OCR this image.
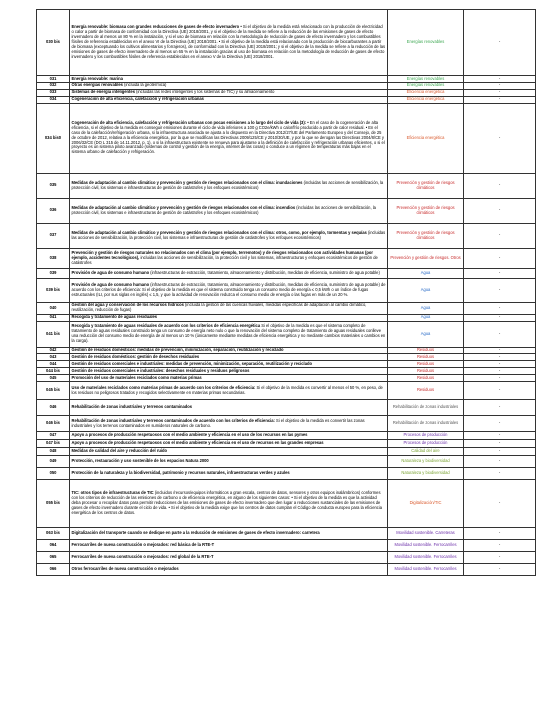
030 bis	Energía renovable: biomasa con grandes reducciones de gases de efecto invernadero • Si el objetivo de la medida está relacionado con la producción de electricidad o calor a partir de biomasa de conformidad con la Directiva (UE) 2018/2001, y si el objetivo de la medida se refiere a la reducción de las emisiones de gases de efecto invernadero de al menos un 80 % en la instalación, y si el uso de biomasa en relación con la metodología de reducción de gases de efecto invernadero y los combustibles fósiles de referencia establecidos en el anexo VI de la Directiva (UE) 2018/2001. • Si el objetivo de la medida está relacionado con la producción de biocarburantes a partir de biomasa (exceptuando los cultivos alimentarios y forrajeros), de conformidad con la Directiva (UE) 2018/2001; y si el objetivo de la medida se refiere a la reducción de las emisiones de gases de efecto invernadero de al menos un 65 % en la instalación gracias al uso de biomasa en relación con la metodología de reducción de gases de efecto invernadero y los combustibles fósiles de referencia establecidos en el anexo V de la Directiva (UE) 2018/2001.	Energías renovables	-
031	Energía renovable: marina	Energías renovables	-
032	Otras energías renovables (incluida la geotérmica)	Energías renovables	-
033	Sistemas de energía inteligentes (incluidas las redes inteligentes y los sistemas de TIC) y su almacenamiento	Eficiencia energética	-
034	Cogeneración de alta eficiencia, calefacción y refrigeración urbanas	Eficiencia energética	-
034 bis0	Cogeneración de alta eficiencia, calefacción y refrigeración urbanas con pocas emisiones a lo largo del ciclo de vida (3): • En el caso de la cogeneración de alta eficiencia, si el objetivo de la medida es conseguir emisiones durante el ciclo de vida inferiores a 100 g CO2e/kWh o calor/frío producido a partir de calor residual. • En el caso de la calefacción/refrigeración urbana, si la infraestructura asociada se ajusta a lo dispuesto en la Directiva 2012/27/UE del Parlamento Europeo y del Consejo, de 25 de octubre de 2012, relativa a la eficiencia energética, por la que se modifican las Directivas 2009/125/CE y 2010/30/UE, y por la que se derogan las Directivas 2004/8/CE y 2006/32/CE (DO L 315 de 14.11.2012, p. 1), o si la infraestructura existente se renueva para ajustarse a la definición de calefacción y refrigeración urbanas eficientes, o si el proyecto es un sistema piloto avanzado (sistemas de control y gestión de la energía, internet de las cosas) o conduce a un régimen de temperaturas más bajas en el sistema urbano de calefacción y refrigeración.	Eficiencia energética	-
035	Medidas de adaptación al cambio climático y prevención y gestión de riesgos relacionados con el clima: inundaciones (incluidas las acciones de sensibilización, la protección civil, los sistemas e infraestructuras de gestión de catástrofes y los enfoques ecosistémicos)	Prevención y gestión de riesgos climáticos	-
036	Medidas de adaptación al cambio climático y prevención y gestión de riesgos relacionados con el clima: incendios (incluidas las acciones de sensibilización, la protección civil, los sistemas e infraestructuras de gestión de catástrofes y los enfoques ecosistémicos)	Prevención y gestión de riesgos climáticos	-
037	Medidas de adaptación al cambio climático y prevención y gestión de riesgos relacionados con el clima: otros, como, por ejemplo, tormentas y sequías (incluidas las acciones de sensibilización, la protección civil, los sistemas e infraestructuras de gestión de catástrofes y los enfoques ecosistémicos)	Prevención y gestión de riesgos climáticos	-
038	Prevención y gestión de riesgos naturales no relacionados con el clima (por ejemplo, terremotos) y de riesgos relacionados con actividades humanas (por ejemplo, accidentes tecnológicos), incluidas las acciones de sensibilización, la protección civil y los sistemas, infraestructuras y enfoques ecosistémicos de gestión de catástrofes	Prevención y gestión de riesgos. Otros	-
039	Provisión de agua de consumo humano (infraestructuras de extracción, tratamiento, almacenamiento y distribución, medidas de eficiencia, suministro de agua potable)	Agua	-
039 bis	Provisión de agua de consumo humano (infraestructuras de extracción, tratamiento, almacenamiento y distribución, medidas de eficiencia, suministro de agua potable) de acuerdo con los criterios de eficiencia: Si el objetivo de la medida es que el sistema construido tenga un consumo medio de energía ≤ 0,5 kWh o un índice de fugas estructurales (ILI, por sus siglas en inglés) ≤ 1,5, y que la actividad de renovación reduzca el consumo medio de energía o las fugas en más de un 20 %.	Agua	-
040	Gestión del agua y conservación de los recursos hídricos (incluida la gestión de las cuencas fluviales, medidas específicas de adaptación al cambio climático, reutilización, reducción de fugas)	Agua	-
041	Recogida y tratamiento de aguas residuales	Agua	-
041 bis	Recogida y tratamiento de aguas residuales de acuerdo con los criterios de eficiencia energética Si el objetivo de la medida es que el sistema completo de tratamiento de aguas residuales construido tenga un consumo de energía neto nulo o que la renovación del sistema completo de tratamiento de aguas residuales conlleve una reducción del consumo medio de energía de al menos un 10 % (únicamente mediante medidas de eficiencia energética y no mediante cambios materiales o cambios en la carga).	Agua	-
042	Gestión de residuos domésticos: medidas de prevención, minimización, separación, reutilización y reciclado	Residuos	-
043	Gestión de residuos domésticos: gestión de desechos residuales	Residuos	-
044	Gestión de residuos comerciales e industriales: medidas de prevención, minimización, separación, reutilización y reciclado	Residuos	-
044 bis	Gestión de residuos comerciales e industriales: desechos residuales y residuos peligrosos	Residuos	-
045	Promoción del uso de materiales reciclados como materias primas	Residuos	-
045 bis	Uso de materiales reciclados como materias primas de acuerdo con los criterios de eficiencia: Si el objetivo de la medida es convertir al menos el 50 %, en peso, de los residuos no peligrosos tratados y recogidos selectivamente en materias primas secundarias.	Residuos	-
046	Rehabilitación de zonas industriales y terrenos contaminados	Rehabilitación de zonas industriales	-
046 bis	Rehabilitación de zonas industriales y terrenos contaminados de acuerdo con los criterios de eficiencia: Si el objetivo de la medida es convertir las zonas industriales y los terrenos contaminados en sumideros naturales de carbono.	Rehabilitación de zonas industriales	-
047	Apoyo a procesos de producción respetuosos con el medio ambiente y eficiencia en el uso de los recursos en las pymes	Procesos de producción	-
047 bis	Apoyo a procesos de producción respetuosos con el medio ambiente y eficiencia en el uso de recursos en las grandes empresas	Procesos de producción	-
048	Medidas de calidad del aire y reducción del ruido	Calidad del aire	-
049	Protección, restauración y uso sostenible de los espacios Natura 2000	Naturaleza y biodiversidad	-
050	Protección de la naturaleza y la biodiversidad, patrimonio y recursos naturales, infraestructuras verdes y azules	Naturaleza y biodiversidad	-
055 bis	TIC: otros tipos de infraestructuras de TIC (incluidos /recursos/equipos informáticos a gran escala, centros de datos, sensores y otros equipos inalámbricos) conformes con los criterios de reducción de las emisiones de carbono o de eficiencia energética, en alguno de los siguientes casos: • Si el objetivo de la medida es que la actividad deba procesar o recopilar datos para permitir reducciones de las emisiones de gases de efecto invernadero que den lugar a reducciones sustanciales de las emisiones de gases de efecto invernadero durante el ciclo de vida. • Si el objetivo de la medida exige que los centros de datos cumplan el Código de conducta europeo para la eficiencia energética de los centros de datos.	Digitalización/TIC	-
063 bis	Digitalización del transporte cuando se dedique en parte a la reducción de emisiones de gases de efecto invernadero: carretera	Movilidad sostenible. Carreteras	-
064	Ferrocarriles de nueva construcción o mejorados: red básica de la RTE-T	Movilidad sostenible. Ferrocarriles	-
065	Ferrocarriles de nueva construcción o mejorados: red global de la RTE-T	Movilidad sostenible. Ferrocarriles	-
066	Otros ferrocarriles de nueva construcción o mejorados	Movilidad sostenible. Ferrocarriles	-
